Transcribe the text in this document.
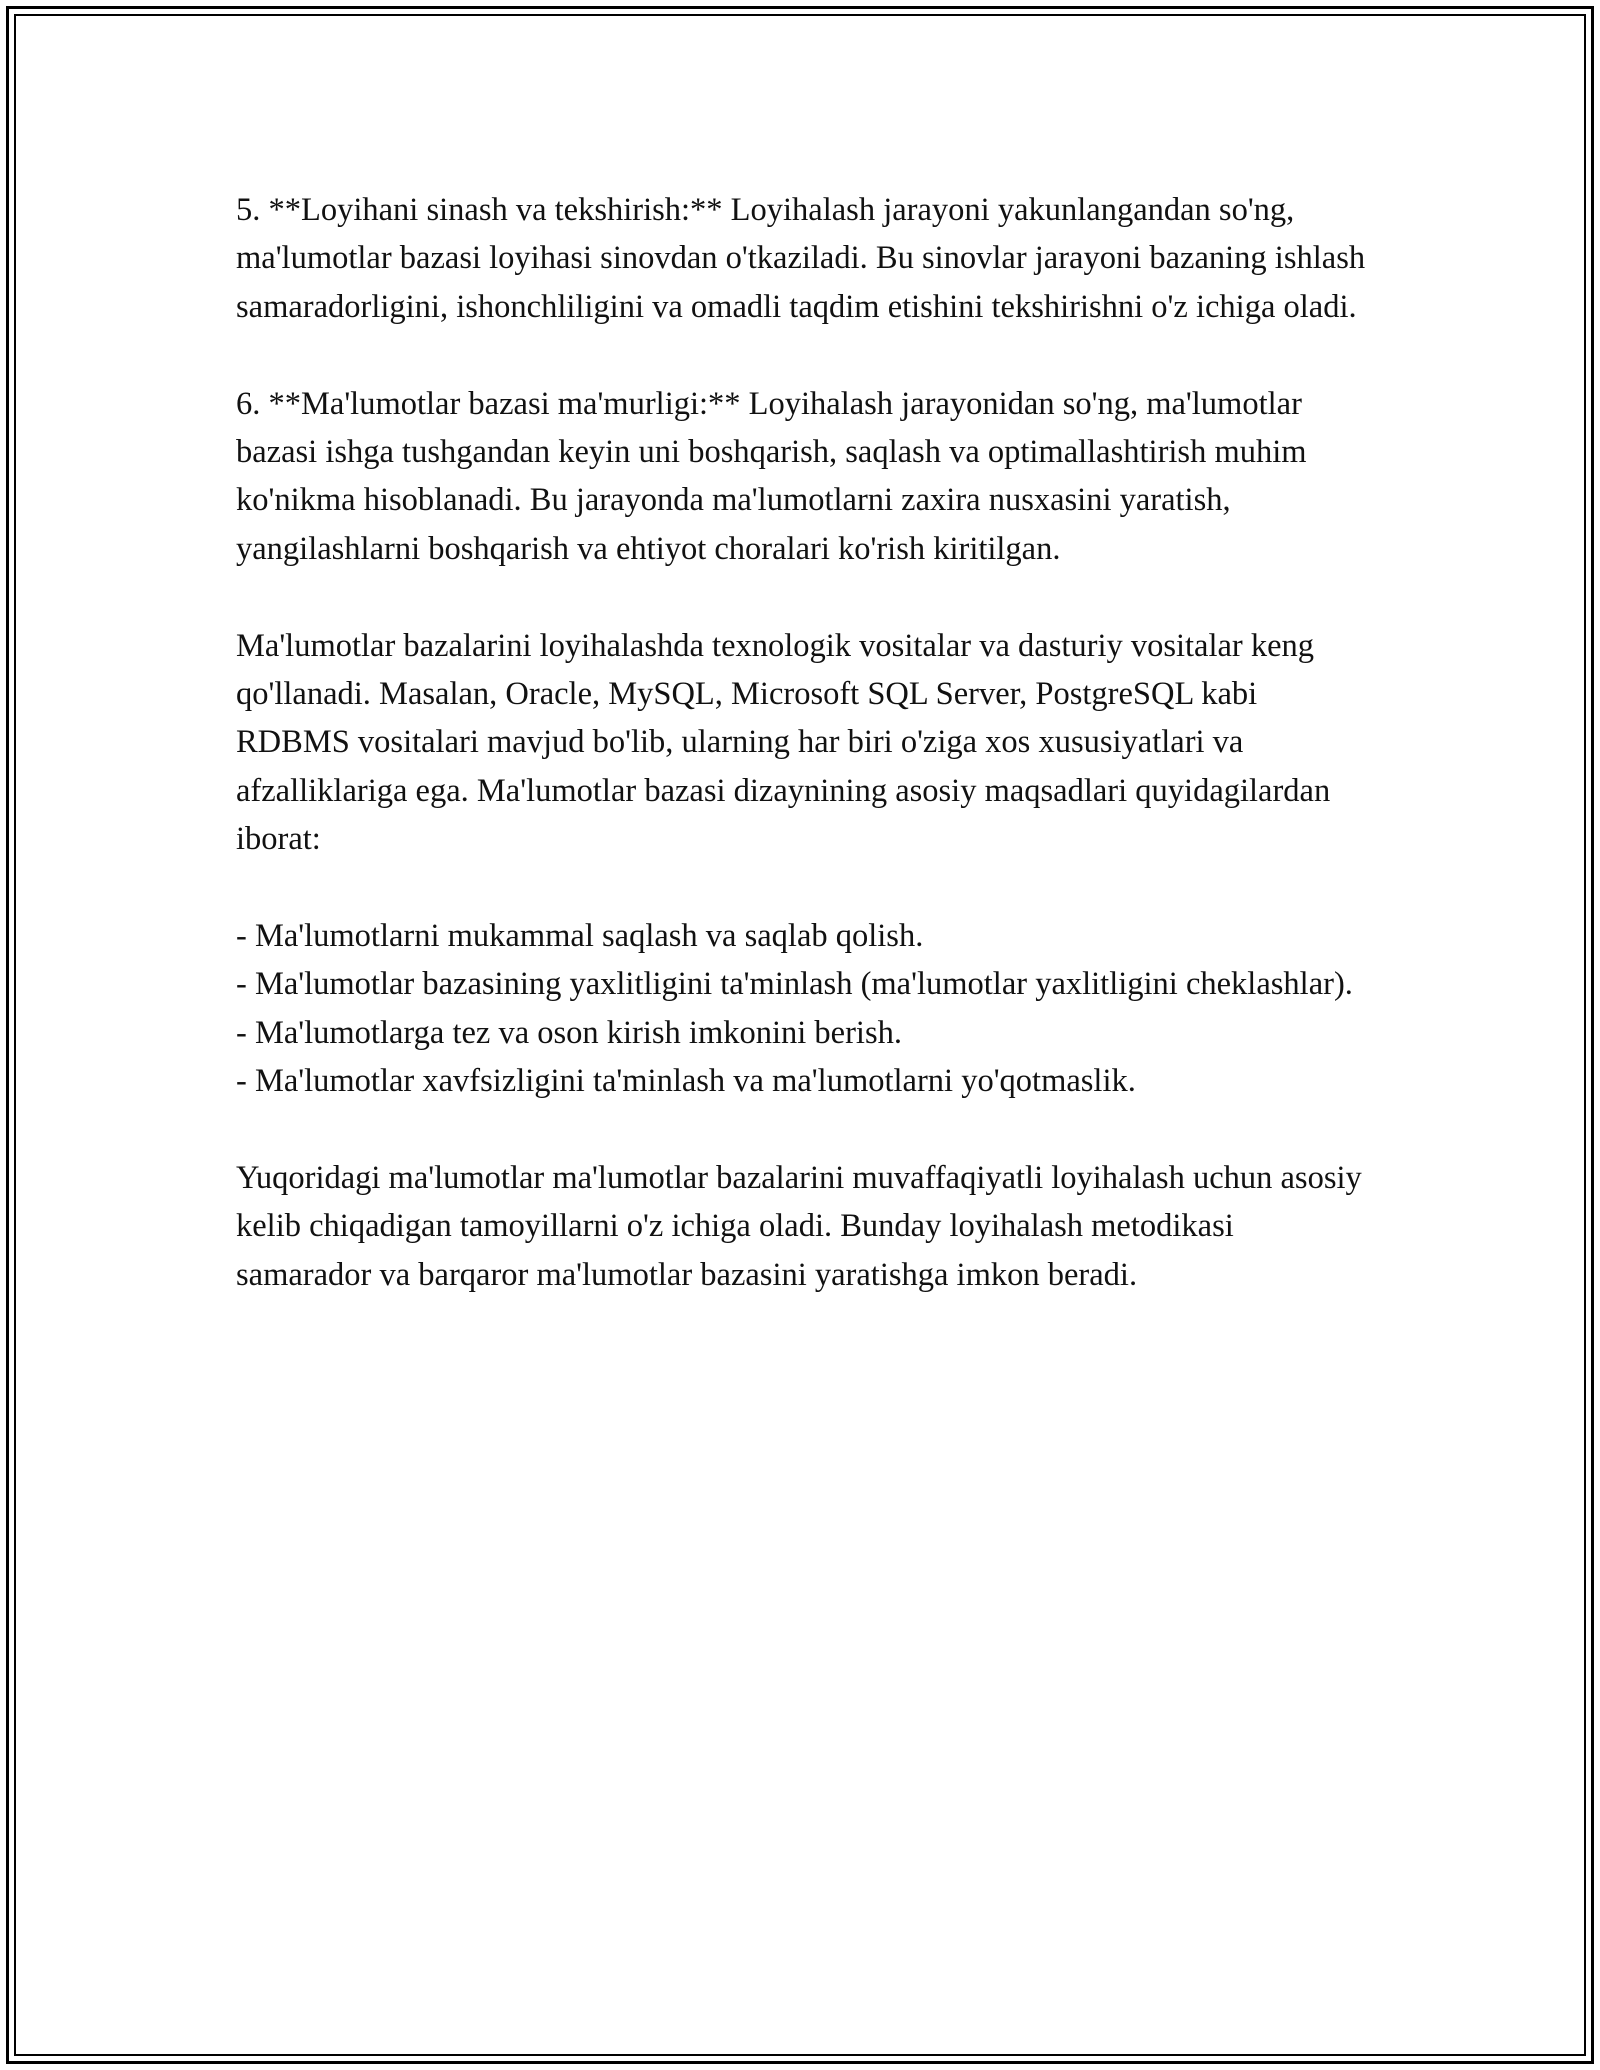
5. **Loyihani sinash va tekshirish:** Loyihalash jarayoni yakunlangandan so'ng, ma'lumotlar bazasi loyihasi sinovdan o'tkaziladi. Bu sinovlar jarayoni bazaning ishlash samaradorligini, ishonchliligini va omadli taqdim etishini tekshirishni o'z ichiga oladi.

6. **Ma'lumotlar bazasi ma'murligi:** Loyihalash jarayonidan so'ng, ma'lumotlar bazasi ishga tushgandan keyin uni boshqarish, saqlash va optimallashtirish muhim ko'nikma hisoblanadi. Bu jarayonda ma'lumotlarni zaxira nusxasini yaratish, yangilashlarni boshqarish va ehtiyot choralari ko'rish kiritilgan.

Ma'lumotlar bazalarini loyihalashda texnologik vositalar va dasturiy vositalar keng qo'llanadi. Masalan, Oracle, MySQL, Microsoft SQL Server, PostgreSQL kabi RDBMS vositalari mavjud bo'lib, ularning har biri o'ziga xos xususiyatlari va afzalliklariga ega. Ma'lumotlar bazasi dizaynining asosiy maqsadlari quyidagilardan iborat:

- Ma'lumotlarni mukammal saqlash va saqlab qolish.
- Ma'lumotlar bazasining yaxlitligini ta'minlash (ma'lumotlar yaxlitligini cheklashlar).
- Ma'lumotlarga tez va oson kirish imkonini berish.
- Ma'lumotlar xavfsizligini ta'minlash va ma'lumotlarni yo'qotmaslik.

Yuqoridagi ma'lumotlar ma'lumotlar bazalarini muvaffaqiyatli loyihalash uchun asosiy kelib chiqadigan tamoyillarni o'z ichiga oladi. Bunday loyihalash metodikasi samarador va barqaror ma'lumotlar bazasini yaratishga imkon beradi.
